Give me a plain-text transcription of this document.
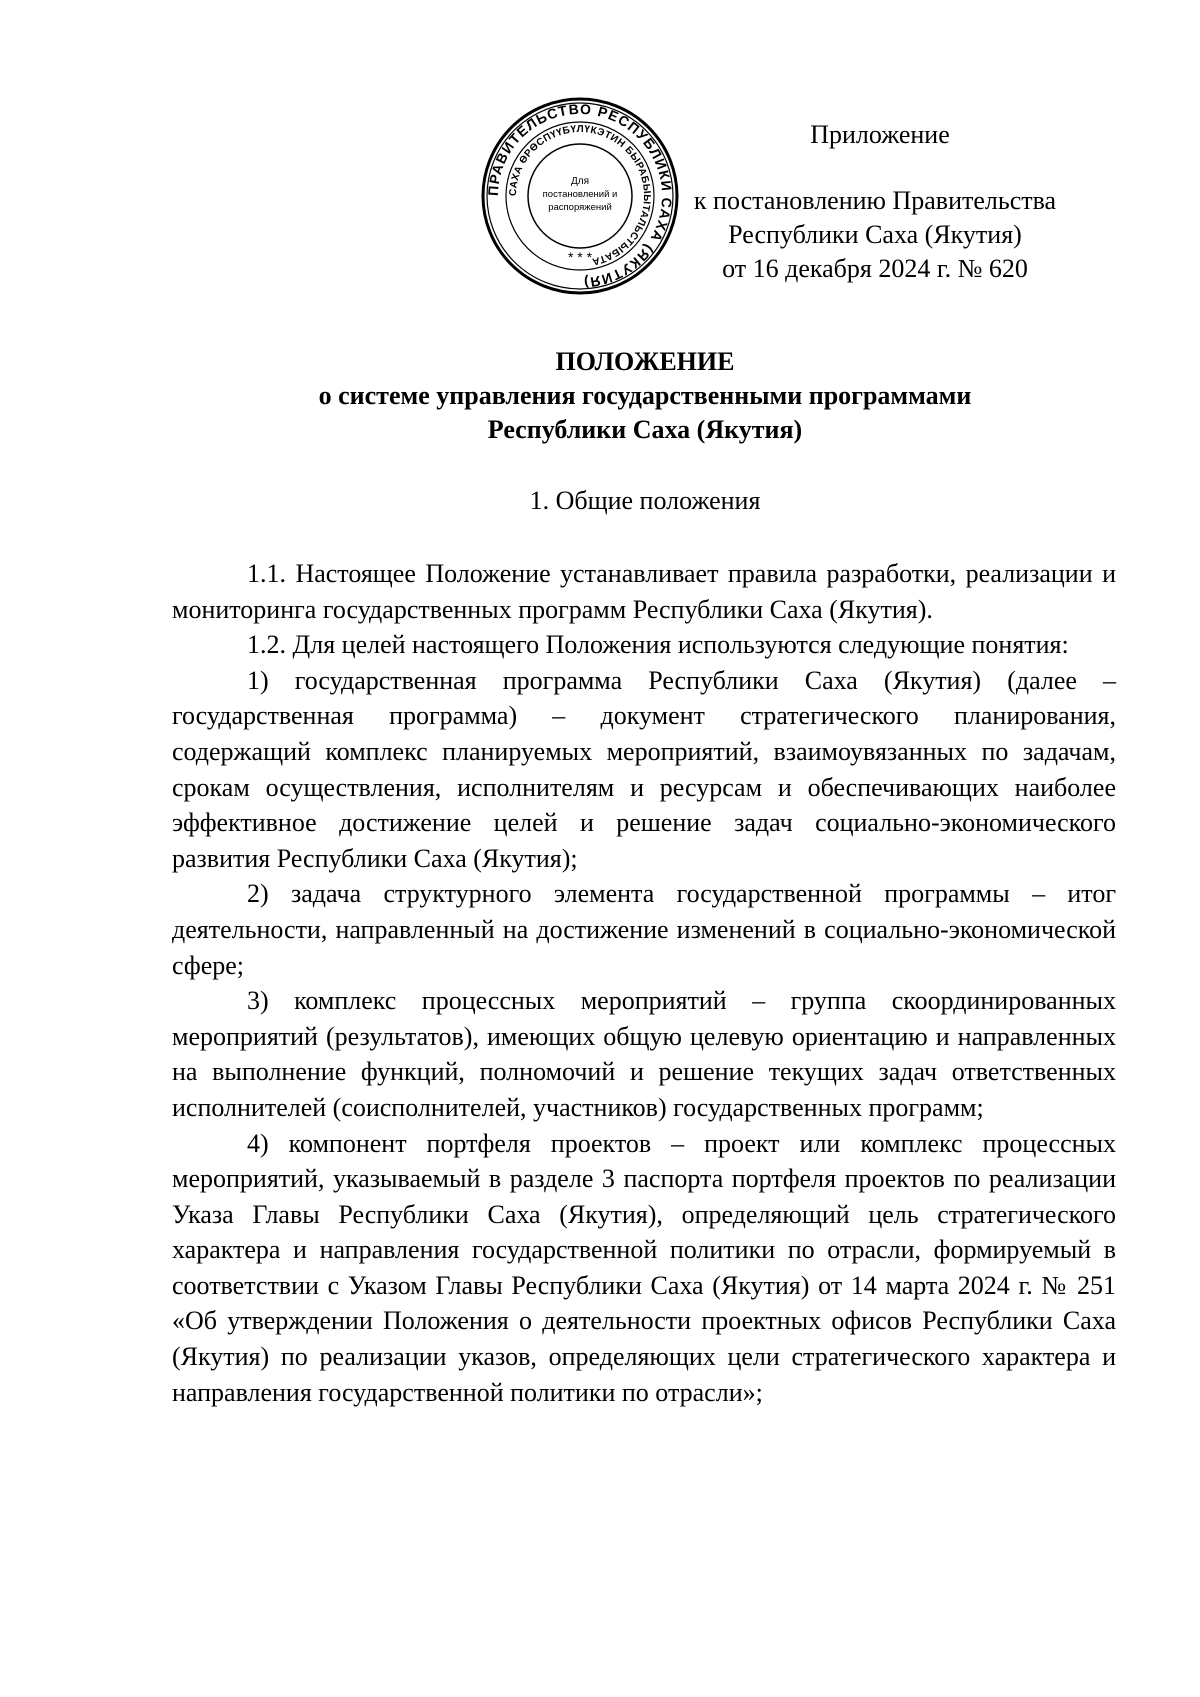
ПРАВИТЕЛЬСТВО РЕСПУБЛИКИ САХА (ЯКУТИЯ)
САХА ӨРӨСПҮҮБҮЛҮКЭТИН БЫРАБЫЫТАЛЬСТЫБАТА
Для
постановлений и
распоряжений
* * *
Приложение
к постановлению Правительства
Республики Саха (Якутия)
от 16 декабря 2024 г. № 620
ПОЛОЖЕНИЕ
о системе управления государственными программами
Республики Саха (Якутия)
1. Общие положения

1.1. Настоящее Положение устанавливает правила разработки, реализации и мониторинга государственных программ Республики Саха (Якутия).

1.2. Для целей настоящего Положения используются следующие понятия:

1) государственная программа Республики Саха (Якутия) (далее – государственная программа) – документ стратегического планирования, содержащий комплекс планируемых мероприятий, взаимоувязанных по задачам, срокам осуществления, исполнителям и ресурсам и обеспечивающих наиболее эффективное достижение целей и решение задач социально-экономического развития Республики Саха (Якутия);

2) задача структурного элемента государственной программы – итог деятельности, направленный на достижение изменений в социально-экономической сфере;

3) комплекс процессных мероприятий – группа скоординированных мероприятий (результатов), имеющих общую целевую ориентацию и направленных на выполнение функций, полномочий и решение текущих задач ответственных исполнителей (соисполнителей, участников) государственных программ;

4) компонент портфеля проектов – проект или комплекс процессных мероприятий, указываемый в разделе 3 паспорта портфеля проектов по реализации Указа Главы Республики Саха (Якутия), определяющий цель стратегического характера и направления государственной политики по отрасли, формируемый в соответствии с Указом Главы Республики Саха (Якутия) от 14 марта 2024 г. № 251 «Об утверждении Положения о деятельности проектных офисов Республики Саха (Якутия) по реализации указов, определяющих цели стратегического характера и направления государственной политики по отрасли»;
